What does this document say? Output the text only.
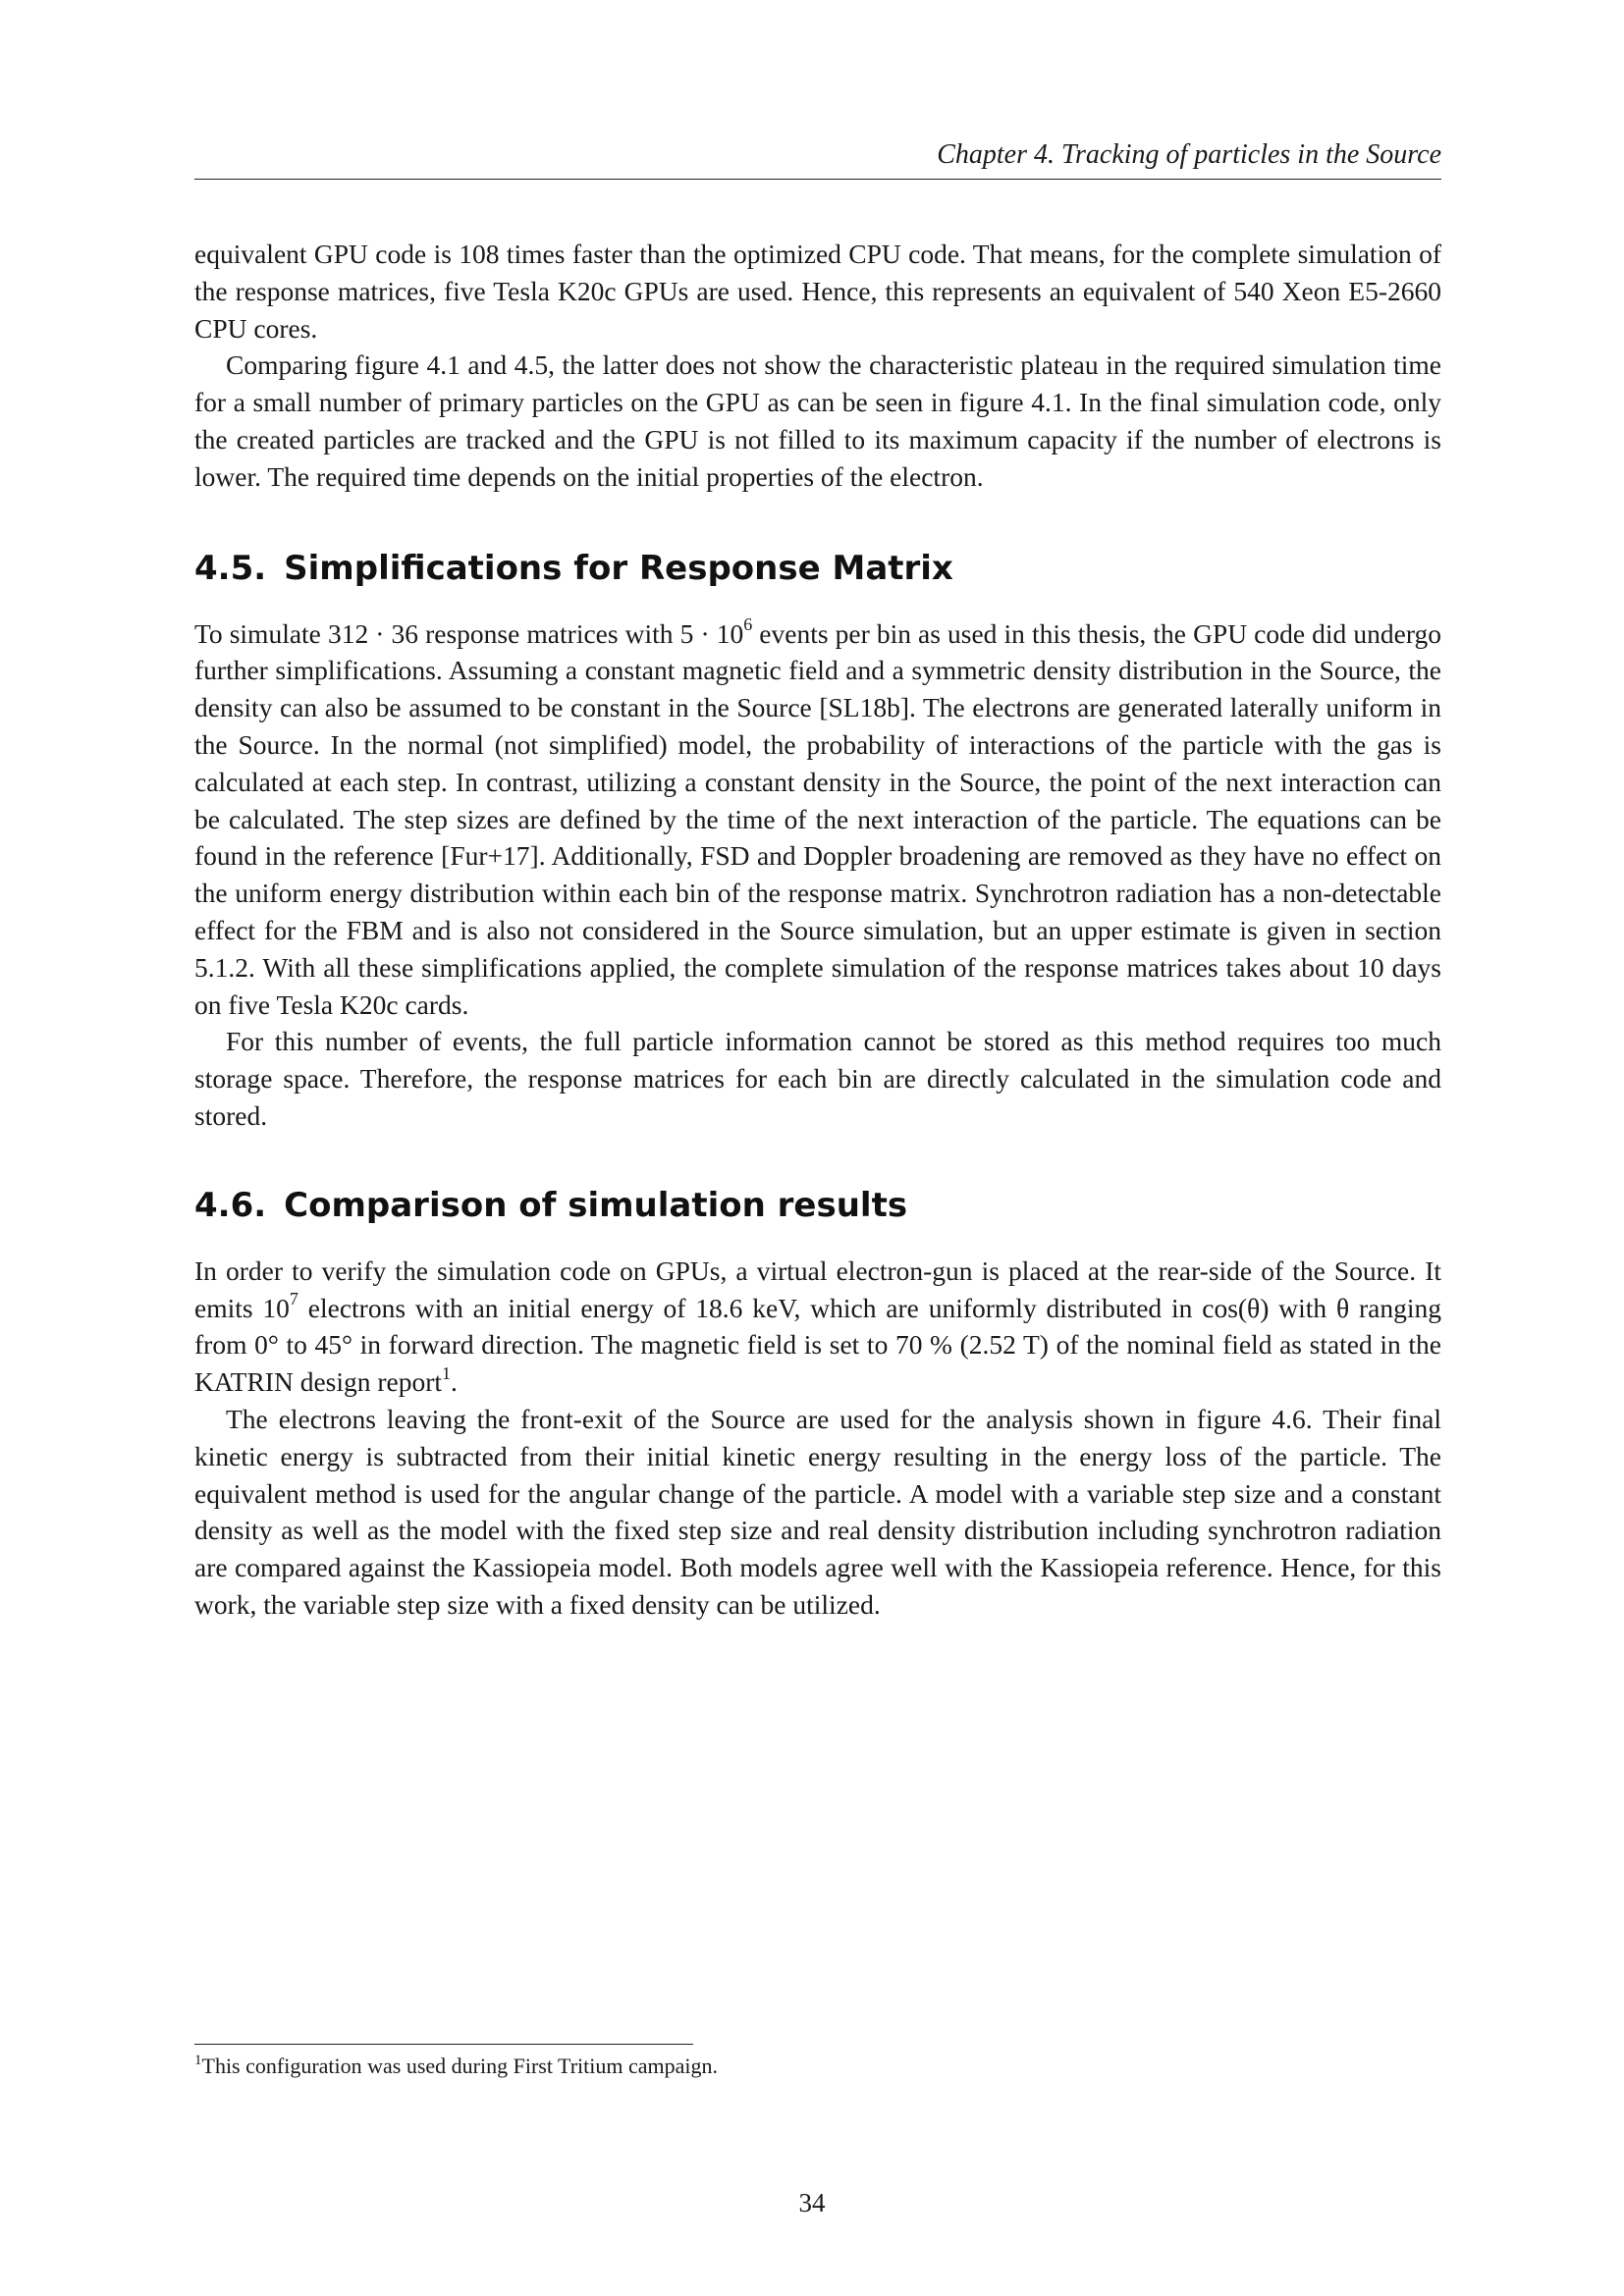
Chapter 4. Tracking of particles in the Source

equivalent GPU code is 108 times faster than the optimized CPU code. That means, for the complete simulation of the response matrices, five Tesla K20c GPUs are used. Hence, this represents an equivalent of 540 Xeon E5-2660 CPU cores.

Comparing figure 4.1 and 4.5, the latter does not show the characteristic plateau in the required simulation time for a small number of primary particles on the GPU as can be seen in figure 4.1. In the final simulation code, only the created particles are tracked and the GPU is not filled to its maximum capacity if the number of electrons is lower. The required time depends on the initial properties of the electron.

4.5. Simplifications for Response Matrix

To simulate 312 · 36 response matrices with $5 \cdot 10^6$ events per bin as used in this thesis, the GPU code did undergo further simplifications. Assuming a constant magnetic field and a symmetric density distribution in the Source, the density can also be assumed to be constant in the Source [SL18b]. The electrons are generated laterally uniform in the Source. In the normal (not simplified) model, the probability of interactions of the particle with the gas is calculated at each step. In contrast, utilizing a constant density in the Source, the point of the next interaction can be calculated. The step sizes are defined by the time of the next interaction of the particle. The equations can be found in the reference [Fur+17]. Additionally, FSD and Doppler broadening are removed as they have no effect on the uniform energy distribution within each bin of the response matrix. Synchrotron radiation has a non-detectable effect for the FBM and is also not considered in the Source simulation, but an upper estimate is given in section 5.1.2. With all these simplifications applied, the complete simulation of the response matrices takes about 10 days on five Tesla K20c cards.

For this number of events, the full particle information cannot be stored as this method requires too much storage space. Therefore, the response matrices for each bin are directly calculated in the simulation code and stored.

4.6. Comparison of simulation results

In order to verify the simulation code on GPUs, a virtual electron-gun is placed at the rear-side of the Source. It emits $10^7$ electrons with an initial energy of 18.6 keV, which are uniformly distributed in cos(θ) with θ ranging from 0° to 45° in forward direction. The magnetic field is set to 70 % (2.52 T) of the nominal field as stated in the KATRIN design report$^1$.

The electrons leaving the front-exit of the Source are used for the analysis shown in figure 4.6. Their final kinetic energy is subtracted from their initial kinetic energy resulting in the energy loss of the particle. The equivalent method is used for the angular change of the particle. A model with a variable step size and a constant density as well as the model with the fixed step size and real density distribution including synchrotron radiation are compared against the Kassiopeia model. Both models agree well with the Kassiopeia reference. Hence, for this work, the variable step size with a fixed density can be utilized.

$^1$This configuration was used during First Tritium campaign.
34
